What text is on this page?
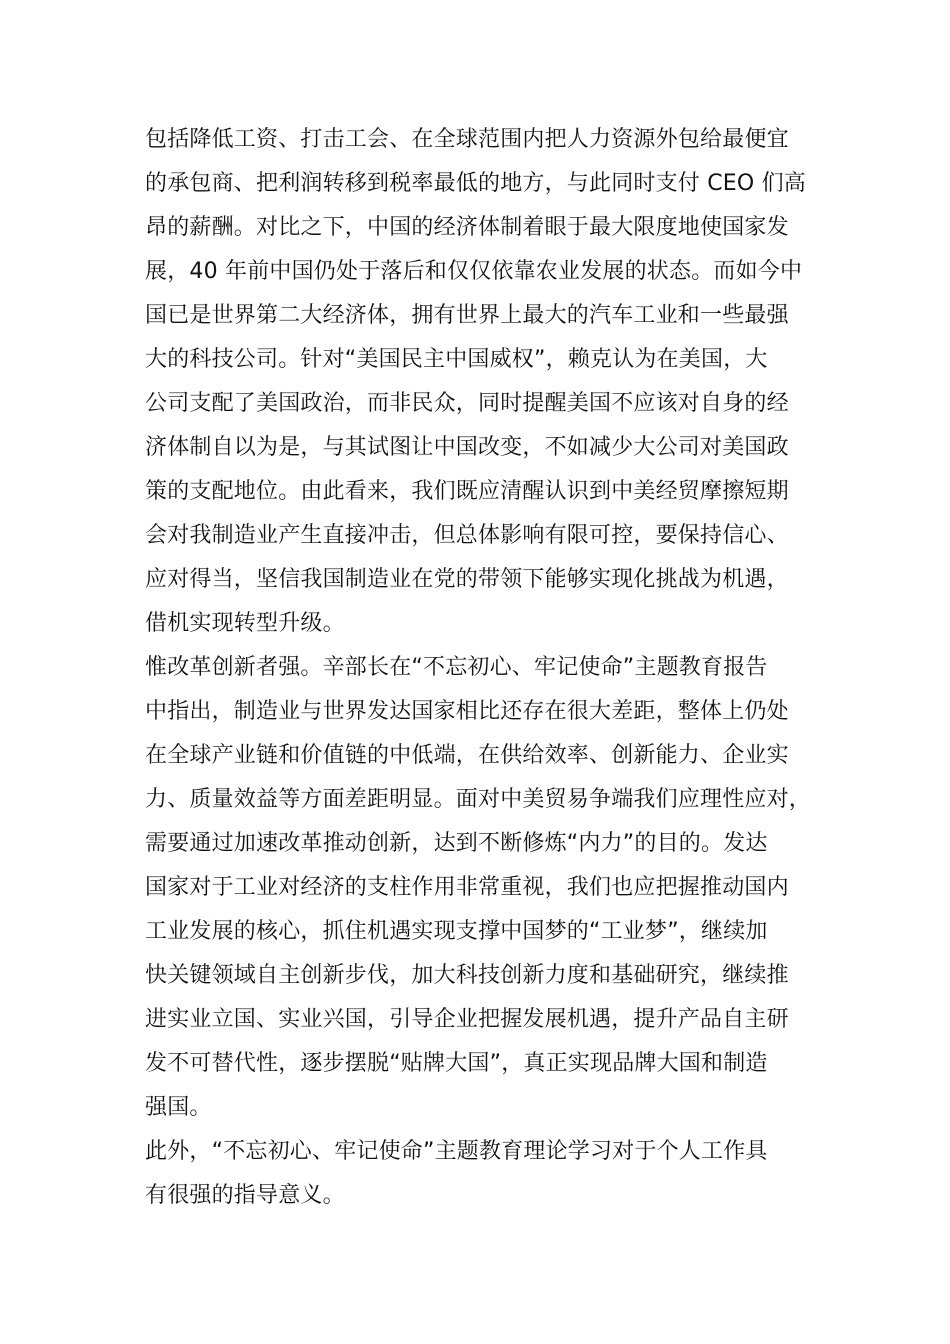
包括降低工资、打击工会、在全球范围内把人力资源外包给最便宜
的承包商、把利润转移到税率最低的地方，与此同时支付 CEO 们高
昂的薪酬。对比之下，中国的经济体制着眼于最大限度地使国家发
展，40 年前中国仍处于落后和仅仅依靠农业发展的状态。而如今中
国已是世界第二大经济体，拥有世界上最大的汽车工业和一些最强
大的科技公司。针对“美国民主中国威权”，赖克认为在美国，大
公司支配了美国政治，而非民众，同时提醒美国不应该对自身的经
济体制自以为是，与其试图让中国改变，不如减少大公司对美国政
策的支配地位。由此看来，我们既应清醒认识到中美经贸摩擦短期
会对我制造业产生直接冲击，但总体影响有限可控，要保持信心、
应对得当，坚信我国制造业在党的带领下能够实现化挑战为机遇，
借机实现转型升级。
惟改革创新者强。辛部长在“不忘初心、牢记使命”主题教育报告
中指出，制造业与世界发达国家相比还存在很大差距，整体上仍处
在全球产业链和价值链的中低端，在供给效率、创新能力、企业实
力、质量效益等方面差距明显。面对中美贸易争端我们应理性应对，
需要通过加速改革推动创新，达到不断修炼“内力”的目的。发达
国家对于工业对经济的支柱作用非常重视，我们也应把握推动国内
工业发展的核心，抓住机遇实现支撑中国梦的“工业梦”，继续加
快关键领域自主创新步伐，加大科技创新力度和基础研究，继续推
进实业立国、实业兴国，引导企业把握发展机遇，提升产品自主研
发不可替代性，逐步摆脱“贴牌大国”，真正实现品牌大国和制造
强国。
此外，“不忘初心、牢记使命”主题教育理论学习对于个人工作具
有很强的指导意义。
